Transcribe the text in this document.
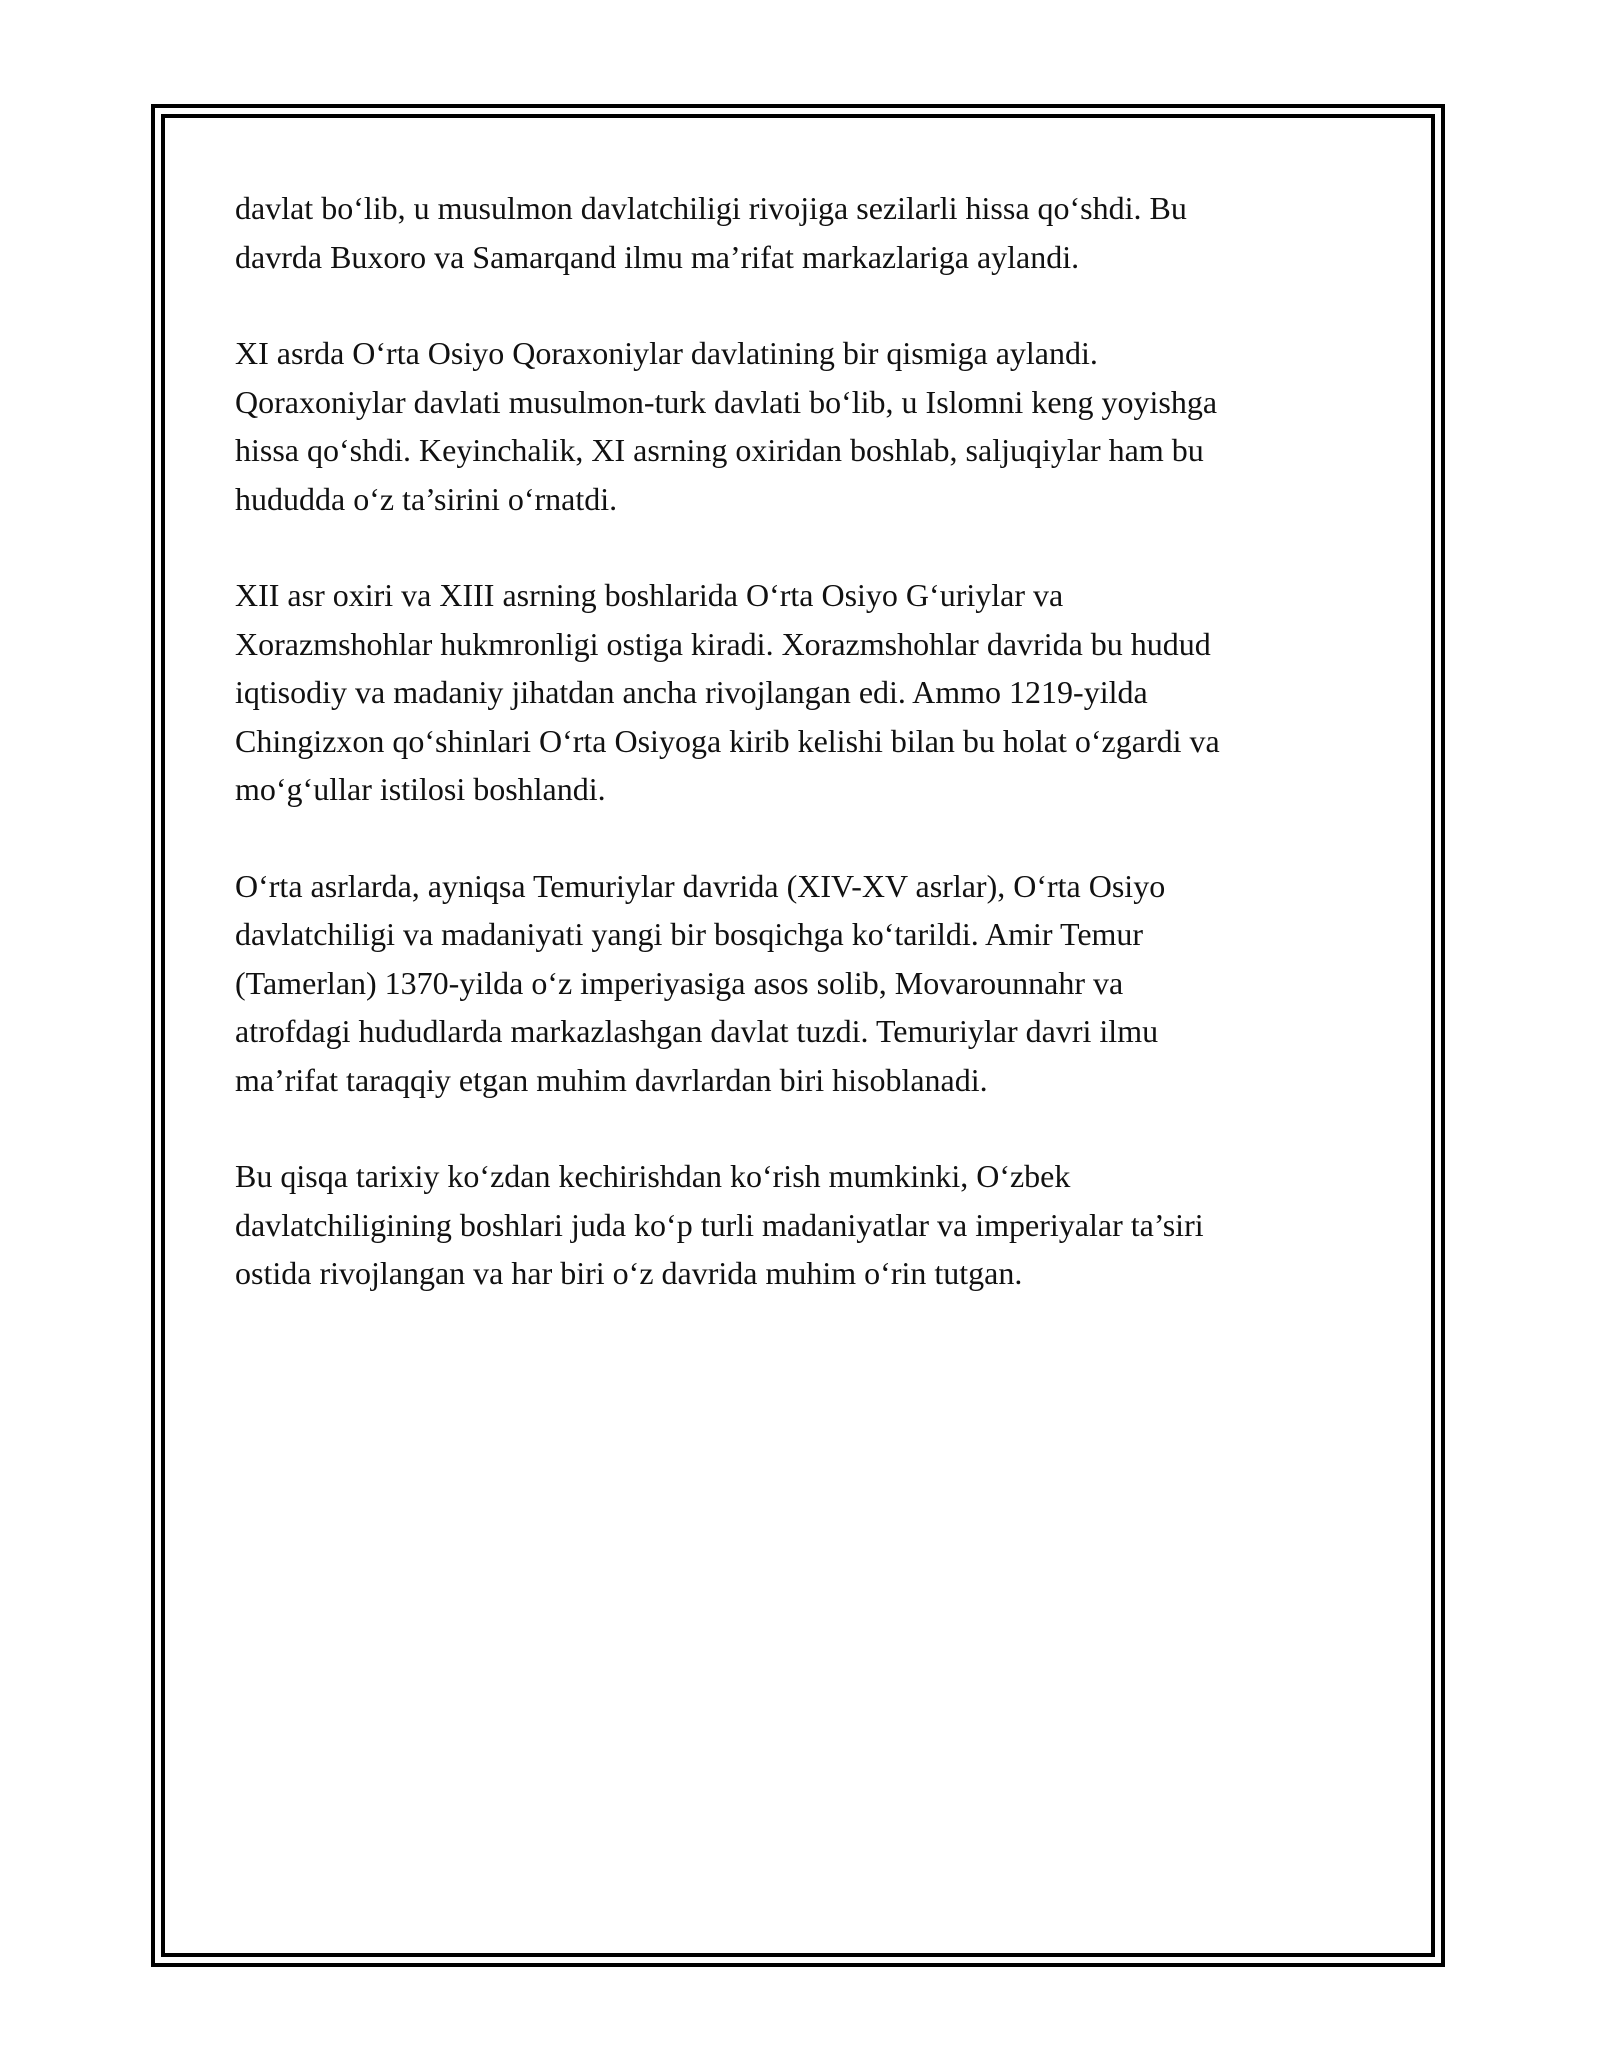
davlat bo‘lib, u musulmon davlatchiligi rivojiga sezilarli hissa qo‘shdi. Bu
davrda Buxoro va Samarqand ilmu ma’rifat markazlariga aylandi.

XI asrda O‘rta Osiyo Qoraxoniylar davlatining bir qismiga aylandi.
Qoraxoniylar davlati musulmon-turk davlati bo‘lib, u Islomni keng yoyishga
hissa qo‘shdi. Keyinchalik, XI asrning oxiridan boshlab, saljuqiylar ham bu
hududda o‘z ta’sirini o‘rnatdi.

XII asr oxiri va XIII asrning boshlarida O‘rta Osiyo G‘uriylar va
Xorazmshohlar hukmronligi ostiga kiradi. Xorazmshohlar davrida bu hudud
iqtisodiy va madaniy jihatdan ancha rivojlangan edi. Ammo 1219-yilda
Chingizxon qo‘shinlari O‘rta Osiyoga kirib kelishi bilan bu holat o‘zgardi va
mo‘g‘ullar istilosi boshlandi.

O‘rta asrlarda, ayniqsa Temuriylar davrida (XIV-XV asrlar), O‘rta Osiyo
davlatchiligi va madaniyati yangi bir bosqichga ko‘tarildi. Amir Temur
(Tamerlan) 1370-yilda o‘z imperiyasiga asos solib, Movarounnahr va
atrofdagi hududlarda markazlashgan davlat tuzdi. Temuriylar davri ilmu
ma’rifat taraqqiy etgan muhim davrlardan biri hisoblanadi.

Bu qisqa tarixiy ko‘zdan kechirishdan ko‘rish mumkinki, O‘zbek
davlatchiligining boshlari juda ko‘p turli madaniyatlar va imperiyalar ta’siri
ostida rivojlangan va har biri o‘z davrida muhim o‘rin tutgan.
